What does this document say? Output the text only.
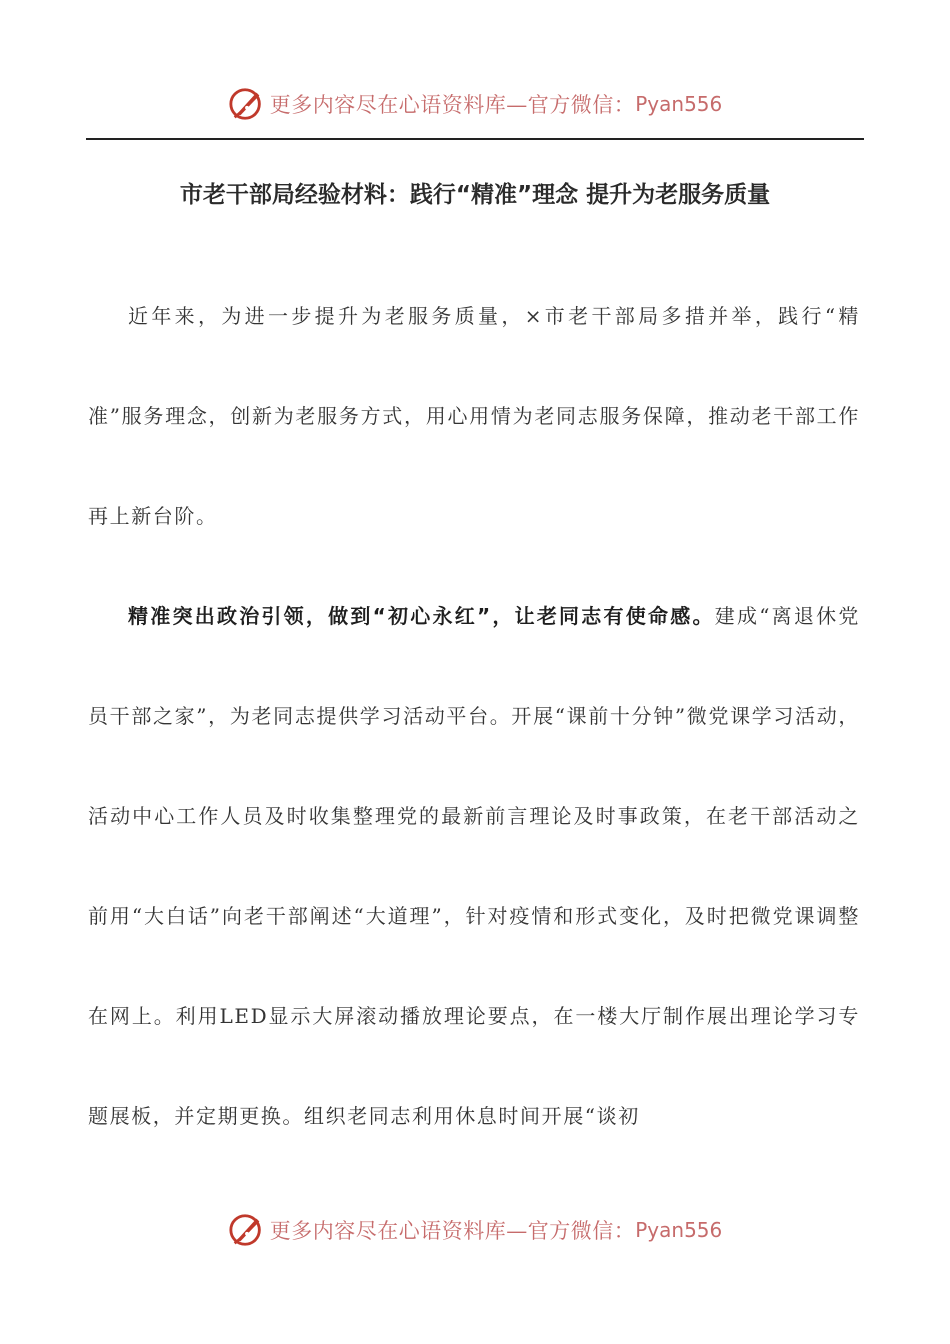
更多内容尽在心语资料库—官方微信： Pyan556
市老干部局经验材料：践行“精准”理念 提升为老服务质量

近年来，为进一步提升为老服务质量，×市老干部局多措并举，践行“精准”服务理念，创新为老服务方式，用心用情为老同志服务保障，推动老干部工作再上新台阶。

精准突出政治引领，做到“初心永红”，让老同志有使命感。建成“离退休党员干部之家”，为老同志提供学习活动平台。开展“课前十分钟”微党课学习活动，活动中心工作人员及时收集整理党的最新前言理论及时事政策，在老干部活动之前用“大白话”向老干部阐述“大道理”，针对疫情和形式变化，及时把微党课调整在网上。利用LED显示大屏滚动播放理论要点，在一楼大厅制作展出理论学习专题展板，并定期更换。组织老同志利用休息时间开展“谈初

更多内容尽在心语资料库—官方微信： Pyan556
